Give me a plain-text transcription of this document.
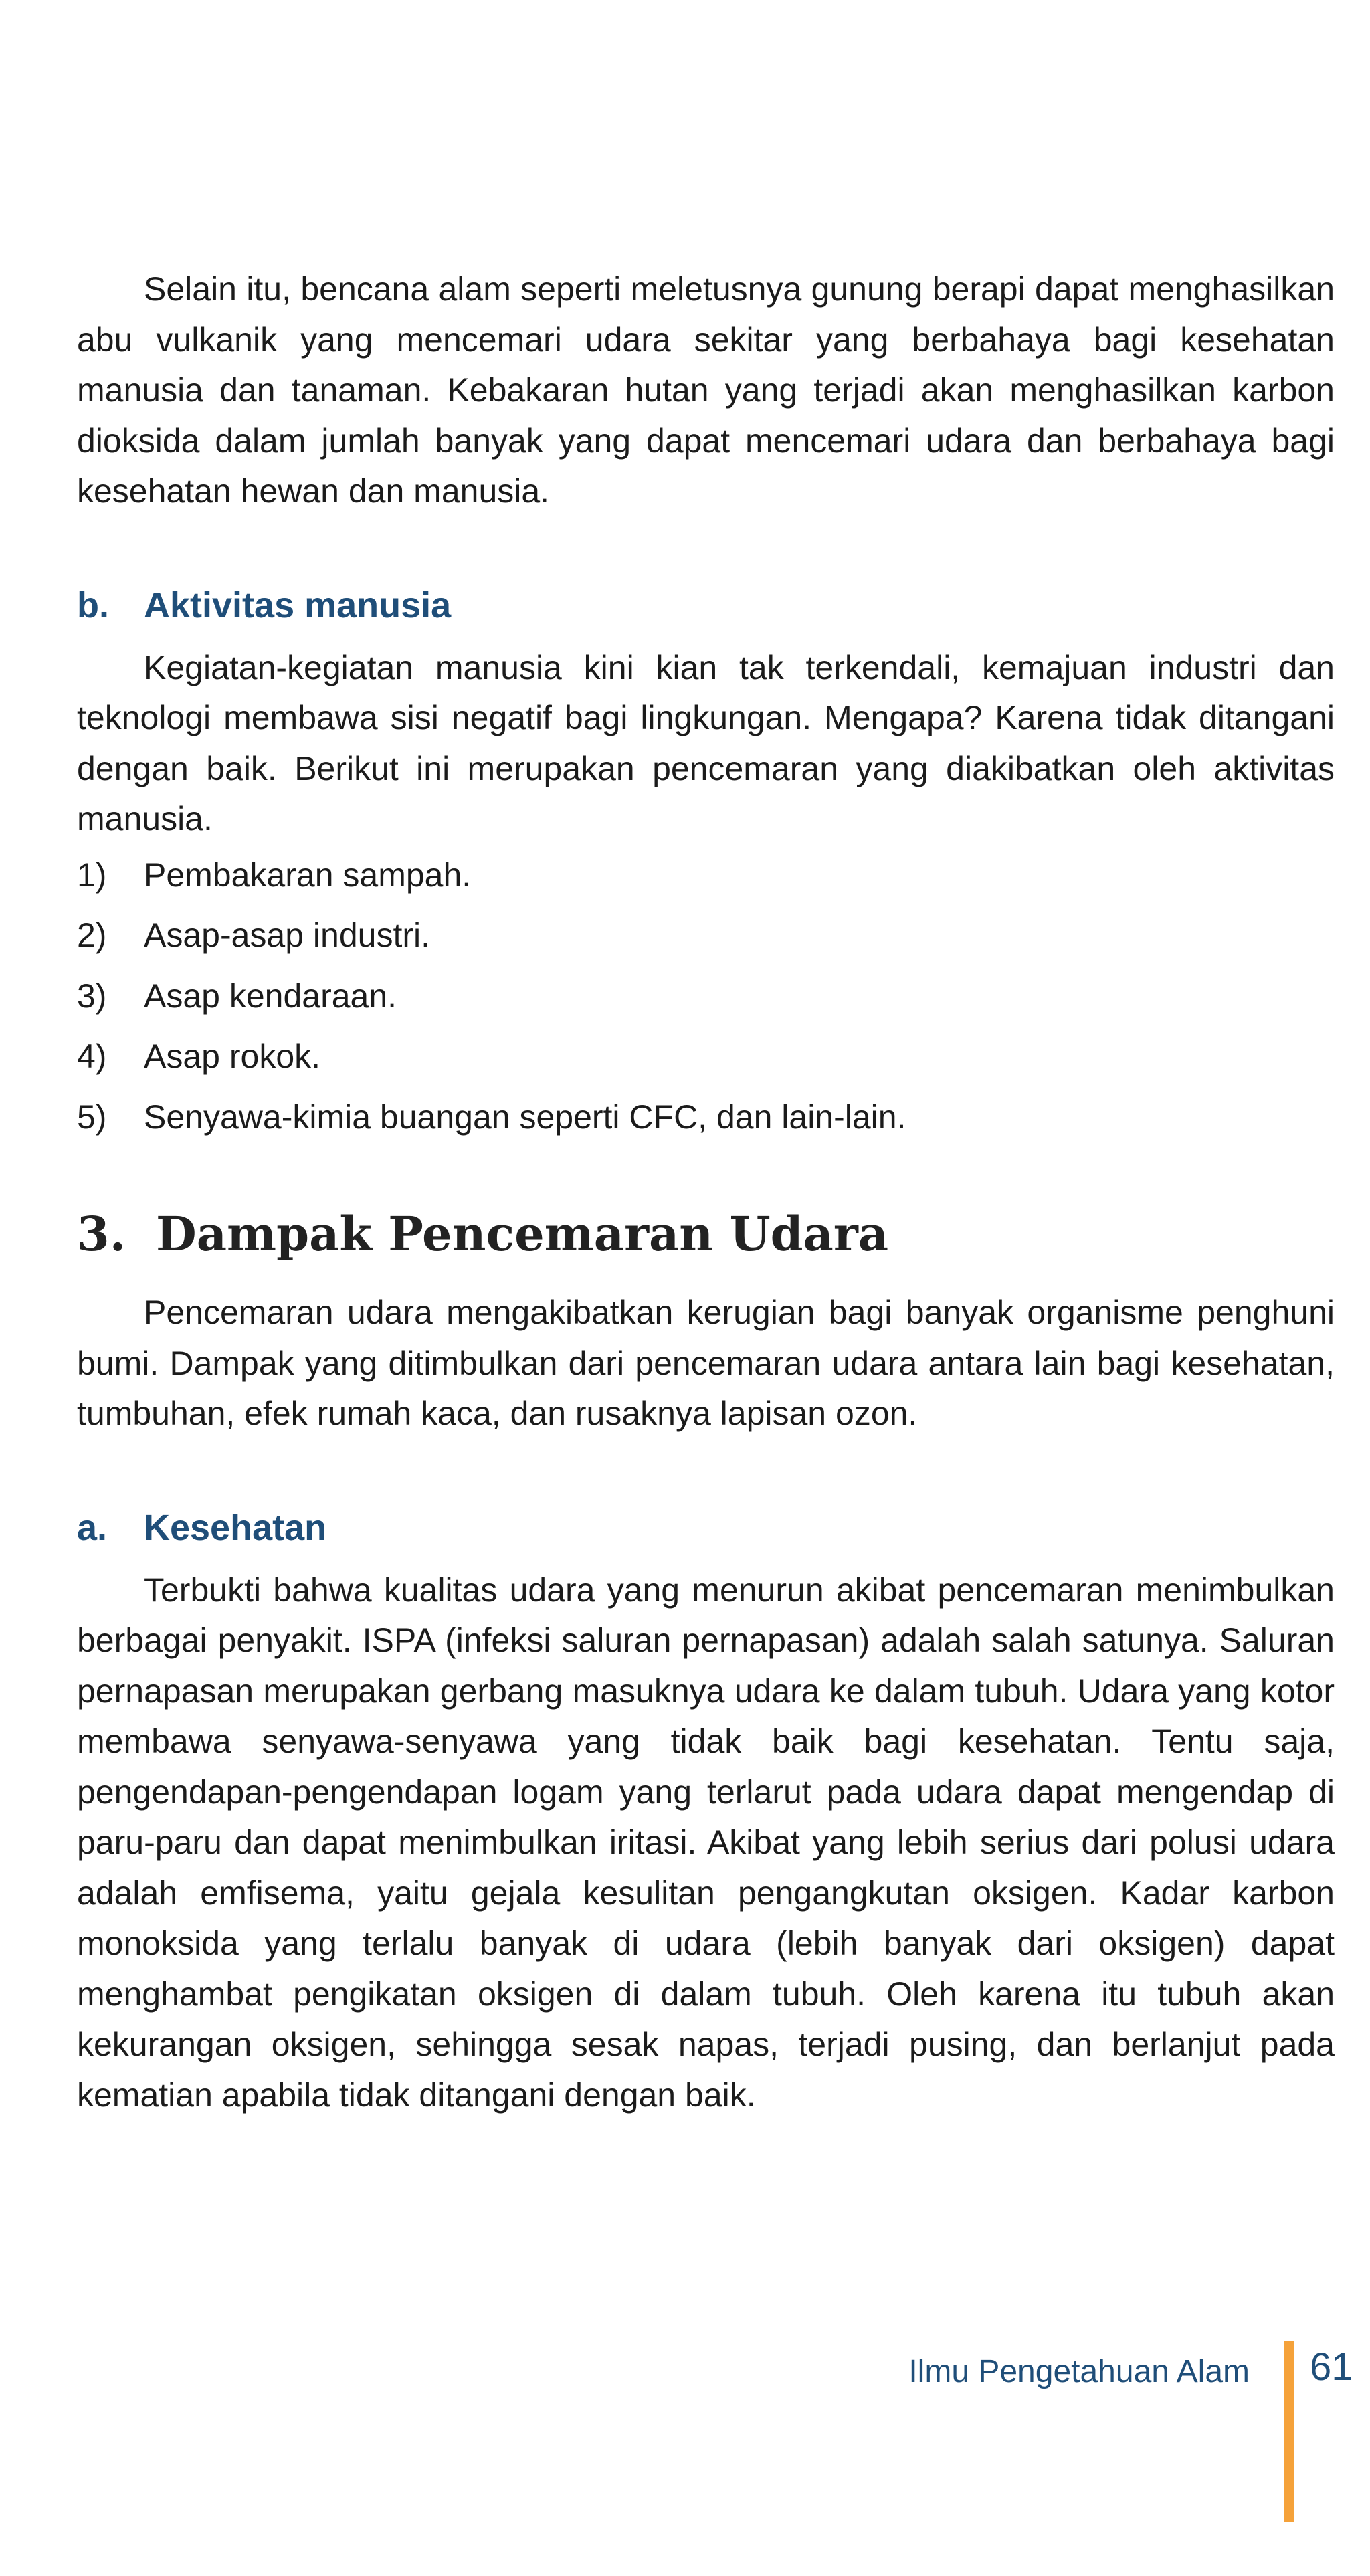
Selain itu, bencana alam seperti meletusnya gunung berapi dapat menghasilkan abu vulkanik yang mencemari udara sekitar yang berbahaya bagi kesehatan manusia dan tanaman. Kebakaran hutan yang terjadi akan menghasilkan karbon dioksida dalam jumlah banyak yang dapat mencemari udara dan berbahaya bagi kesehatan hewan dan manusia.

b. Aktivitas manusia

Kegiatan-kegiatan manusia kini kian tak terkendali, kemajuan industri dan teknologi membawa sisi negatif bagi lingkungan. Mengapa? Karena tidak ditangani dengan baik. Berikut ini merupakan pencemaran yang diakibatkan oleh aktivitas manusia.

1)	Pembakaran sampah.
2)	Asap-asap industri.
3)	Asap kendaraan.
4)	Asap rokok.
5)	Senyawa-kimia buangan seperti CFC, dan lain-lain.
3. Dampak Pencemaran Udara

Pencemaran udara mengakibatkan kerugian bagi banyak organisme penghuni bumi. Dampak yang ditimbulkan dari pencemaran udara antara lain bagi kesehatan, tumbuhan, efek rumah kaca, dan rusaknya lapisan ozon.

a. Kesehatan

Terbukti bahwa kualitas udara yang menurun akibat pencemaran menimbulkan berbagai penyakit. ISPA (infeksi saluran pernapasan) adalah salah satunya. Saluran pernapasan merupakan gerbang masuknya udara ke dalam tubuh. Udara yang kotor membawa senyawa-senyawa yang tidak baik bagi kesehatan. Tentu saja, pengendapan-pengendapan logam yang terlarut pada udara dapat mengendap di paru-paru dan dapat menimbulkan iritasi. Akibat yang lebih serius dari polusi udara adalah emfisema, yaitu gejala kesulitan pengangkutan oksigen. Kadar karbon monoksida yang terlalu banyak di udara (lebih banyak dari oksigen) dapat menghambat pengikatan oksigen di dalam tubuh. Oleh karena itu tubuh akan kekurangan oksigen, sehingga sesak napas, terjadi pusing, dan berlanjut pada kematian apabila tidak ditangani dengan baik.

Ilmu Pengetahuan Alam 61
